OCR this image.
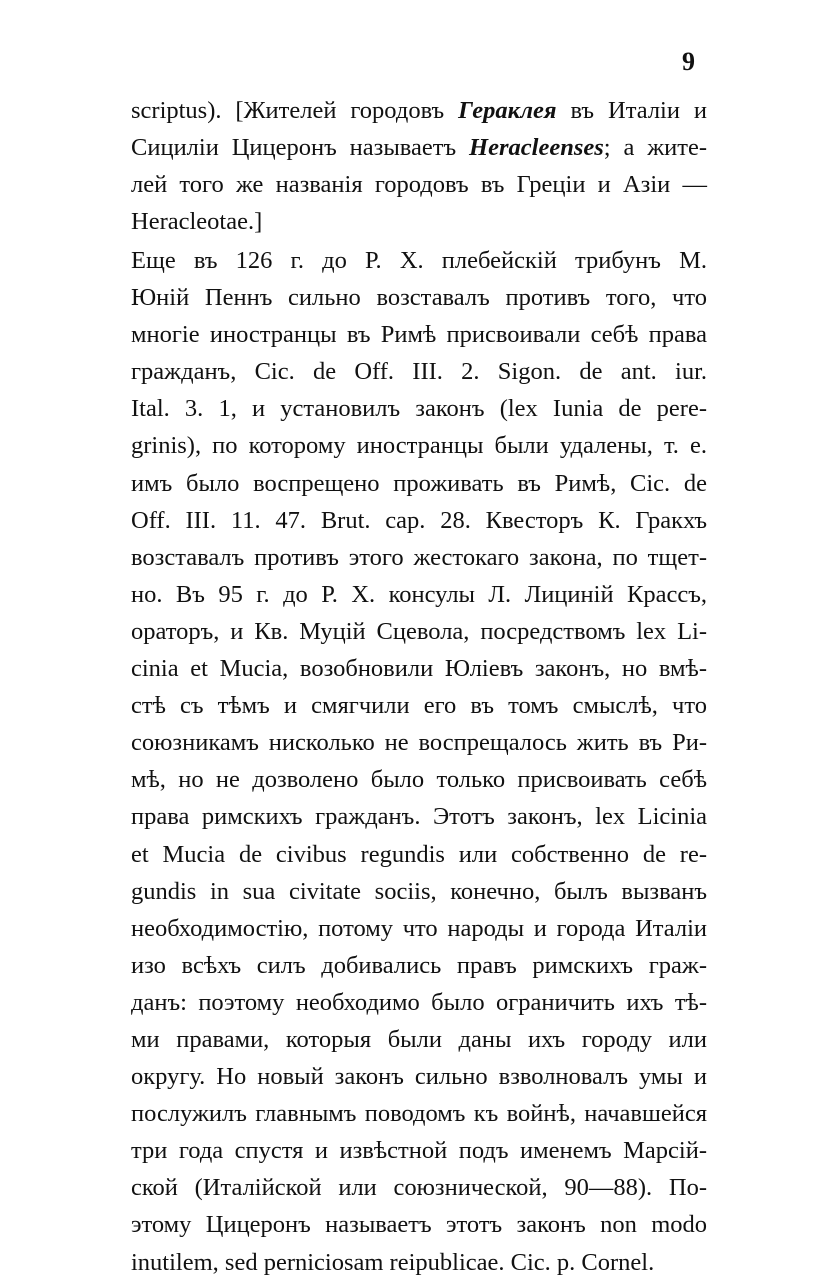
9
scriptus). [Жителей городовъ Гераклея въ Италіи и
Сициліи Цицеронъ называетъ Heracleenses; а жите-
лей того же названія городовъ въ Греціи и Азіи —
Heracleotae.]
Еще въ 126 г. до Р. Х. плебейскій трибунъ М.
Юній Пеннъ сильно возставалъ противъ того, что
многіе иностранцы въ Римѣ присвоивали себѣ права
гражданъ, Cic. de Off. III. 2. Sigon. de ant. iur.
Ital. 3. 1, и установилъ законъ (lex Iunia de pere-
grinis), по которому иностранцы были удалены, т. е.
имъ было воспрещено проживать въ Римѣ, Cic. de
Off. III. 11. 47. Brut. cap. 28. Квесторъ К. Гракхъ
возставалъ противъ этого жестокаго закона, по тщет-
но. Въ 95 г. до Р. Х. консулы Л. Лициній Крассъ,
ораторъ, и Кв. Муцій Сцевола, посредствомъ lex Li-
cinia et Mucia, возобновили Юліевъ законъ, но вмѣ-
стѣ съ тѣмъ и смягчили его въ томъ смыслѣ, что
союзникамъ нисколько не воспрещалось жить въ Ри-
мѣ, но не дозволено было только присвоивать себѣ
права римскихъ гражданъ. Этотъ законъ, lex Licinia
et Mucia de civibus regundis или собственно de re-
gundis in sua civitate sociis, конечно, былъ вызванъ
необходимостію, потому что народы и города Италіи
изо всѣхъ силъ добивались правъ римскихъ граж-
данъ: поэтому необходимо было ограничить ихъ тѣ-
ми правами, которыя были даны ихъ городу или
округу. Но новый законъ сильно взволновалъ умы и
послужилъ главнымъ поводомъ къ войнѣ, начавшейся
три года спустя и извѣстной подъ именемъ Марсій-
ской (Италійской или союзнической, 90—88). По-
этому Цицеронъ называетъ этотъ законъ non modo
inutilem, sed perniciosam reipublicae. Cic. p. Cornel.
